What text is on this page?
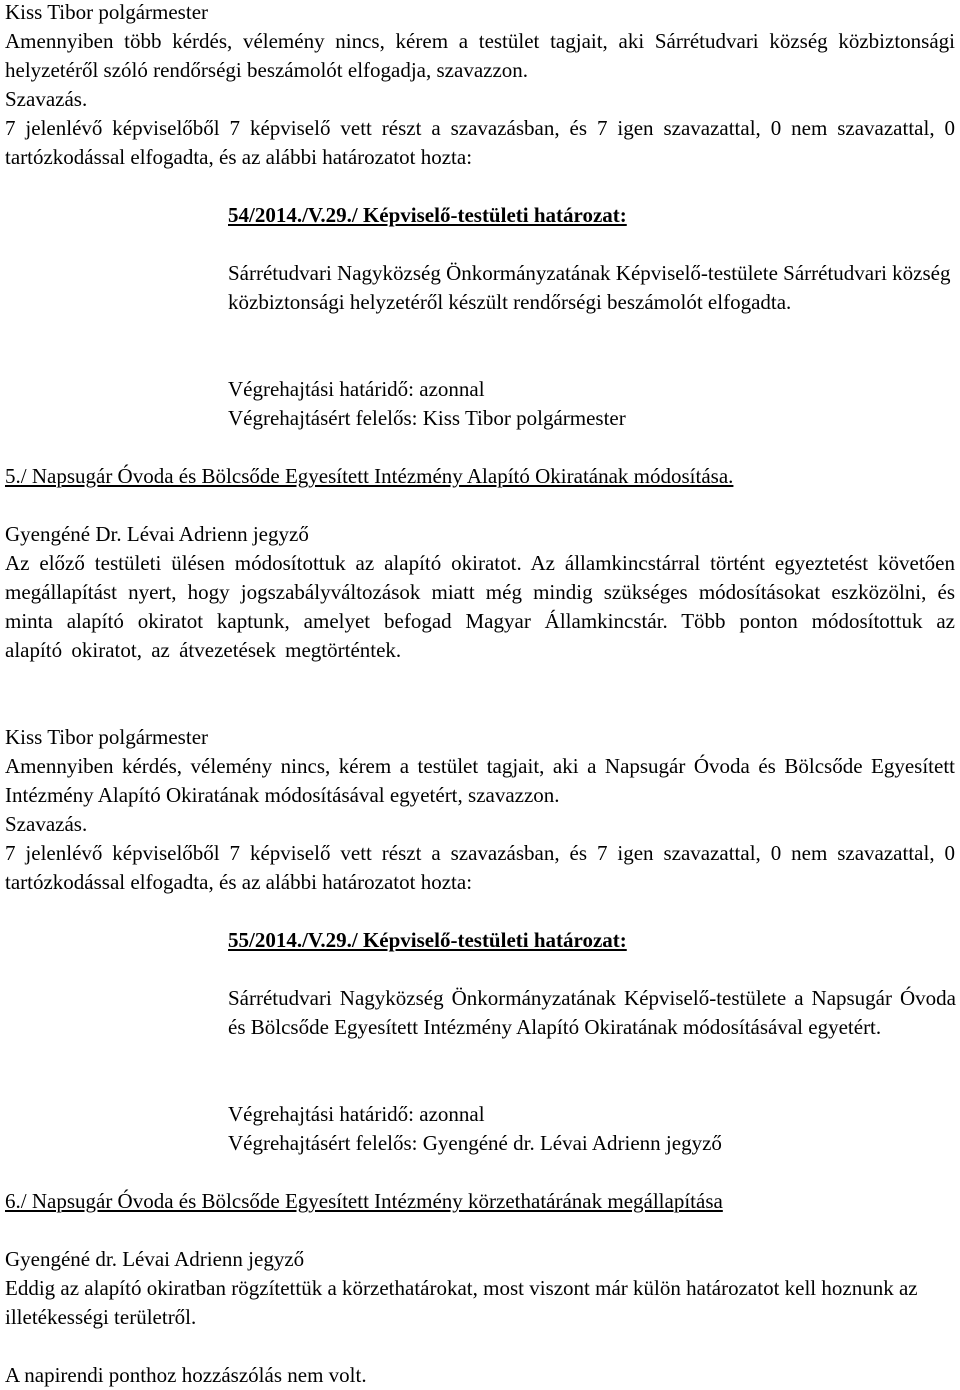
Kiss Tibor polgármester

Amennyiben több kérdés, vélemény nincs, kérem a testület tagjait, aki Sárrétudvari község közbiztonsági helyzetéről szóló rendőrségi beszámolót elfogadja, szavazzon.

Szavazás.

7 jelenlévő képviselőből 7 képviselő vett részt a szavazásban, és 7 igen szavazattal, 0 nem szavazattal, 0 tartózkodással elfogadta, és az alábbi határozatot hozta:

54/2014./V.29./ Képviselő-testületi határozat:

Sárrétudvari Nagyközség Önkormányzatának Képviselő-testülete Sárrétudvari község közbiztonsági helyzetéről készült rendőrségi beszámolót elfogadta.

Végrehajtási határidő: azonnal

Végrehajtásért felelős: Kiss Tibor polgármester

5./ Napsugár Óvoda és Bölcsőde Egyesített Intézmény Alapító Okiratának módosítása.

Gyengéné Dr. Lévai Adrienn jegyző

Az előző testületi ülésen módosítottuk az alapító okiratot. Az államkincstárral történt egyeztetést követően megállapítást nyert, hogy jogszabályváltozások miatt még mindig szükséges módosításokat eszközölni, és minta alapító okiratot kaptunk, amelyet befogad Magyar Államkincstár. Több ponton módosítottuk az alapító okiratot, az átvezetések megtörténtek.

Kiss Tibor polgármester

Amennyiben kérdés, vélemény nincs, kérem a testület tagjait, aki a Napsugár Óvoda és Bölcsőde Egyesített Intézmény Alapító Okiratának módosításával egyetért, szavazzon.

Szavazás.

7 jelenlévő képviselőből 7 képviselő vett részt a szavazásban, és 7 igen szavazattal, 0 nem szavazattal, 0 tartózkodással elfogadta, és az alábbi határozatot hozta:

55/2014./V.29./ Képviselő-testületi határozat:

Sárrétudvari Nagyközség Önkormányzatának Képviselő-testülete a Napsugár Óvoda és Bölcsőde Egyesített Intézmény Alapító Okiratának módosításával egyetért.

Végrehajtási határidő: azonnal

Végrehajtásért felelős: Gyengéné dr. Lévai Adrienn jegyző

6./ Napsugár Óvoda és Bölcsőde Egyesített Intézmény körzethatárának megállapítása

Gyengéné dr. Lévai Adrienn jegyző

Eddig az alapító okiratban rögzítettük a körzethatárokat, most viszont már külön határozatot kell hoznunk az illetékességi területről.

A napirendi ponthoz hozzászólás nem volt.
